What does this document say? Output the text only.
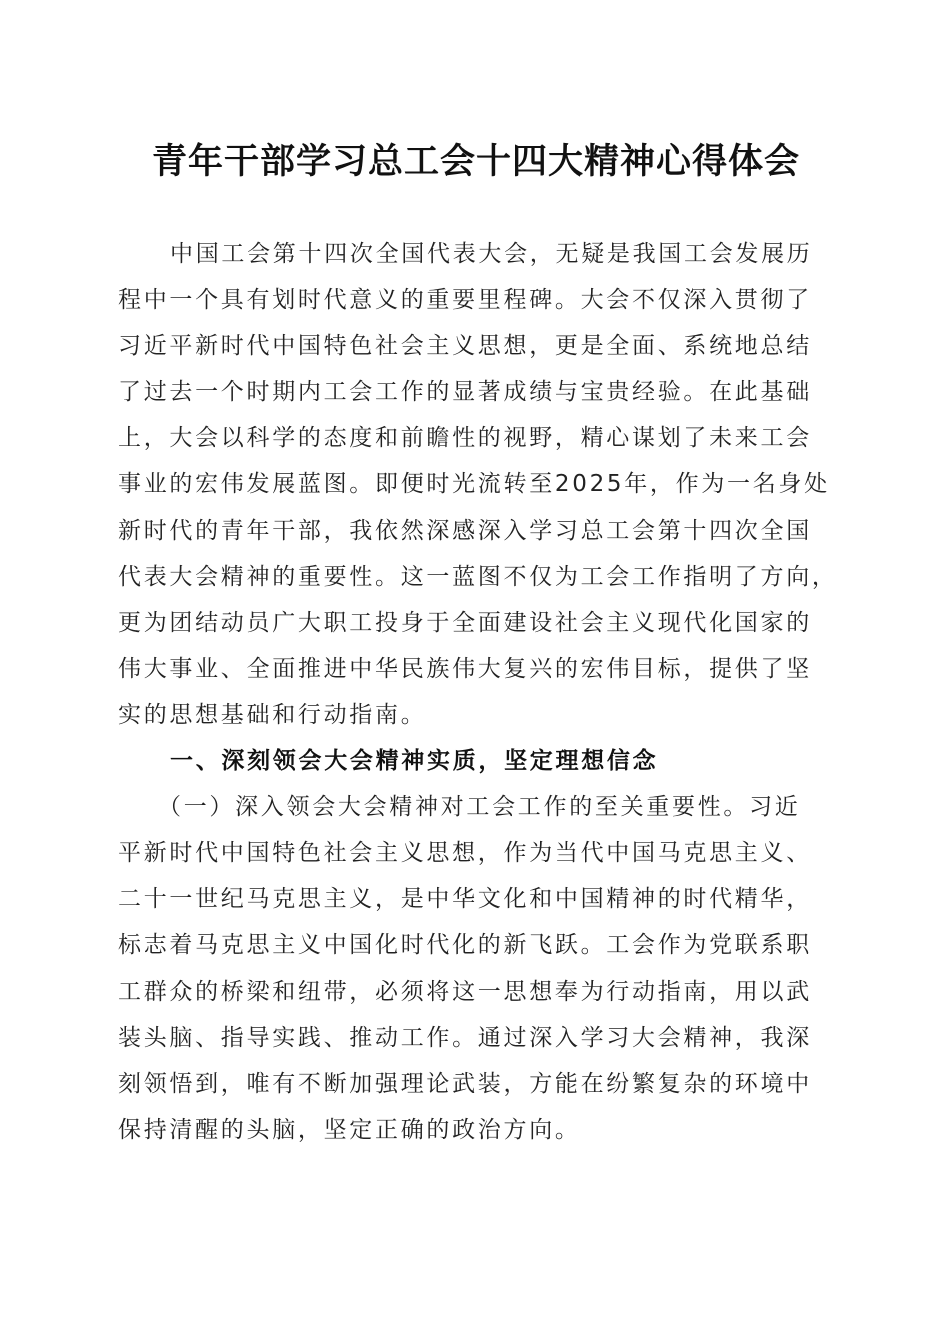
青年干部学习总工会十四大精神心得体会
中国工会第十四次全国代表大会，无疑是我国工会发展历
程中一个具有划时代意义的重要里程碑。大会不仅深入贯彻了
习近平新时代中国特色社会主义思想，更是全面、系统地总结
了过去一个时期内工会工作的显著成绩与宝贵经验。在此基础
上，大会以科学的态度和前瞻性的视野，精心谋划了未来工会
事业的宏伟发展蓝图。即便时光流转至2025年，作为一名身处
新时代的青年干部，我依然深感深入学习总工会第十四次全国
代表大会精神的重要性。这一蓝图不仅为工会工作指明了方向，
更为团结动员广大职工投身于全面建设社会主义现代化国家的
伟大事业、全面推进中华民族伟大复兴的宏伟目标，提供了坚
实的思想基础和行动指南。
一、深刻领会大会精神实质，坚定理想信念
（一）深入领会大会精神对工会工作的至关重要性。习近
平新时代中国特色社会主义思想，作为当代中国马克思主义、
二十一世纪马克思主义，是中华文化和中国精神的时代精华，
标志着马克思主义中国化时代化的新飞跃。工会作为党联系职
工群众的桥梁和纽带，必须将这一思想奉为行动指南，用以武
装头脑、指导实践、推动工作。通过深入学习大会精神，我深
刻领悟到，唯有不断加强理论武装，方能在纷繁复杂的环境中
保持清醒的头脑，坚定正确的政治方向。
